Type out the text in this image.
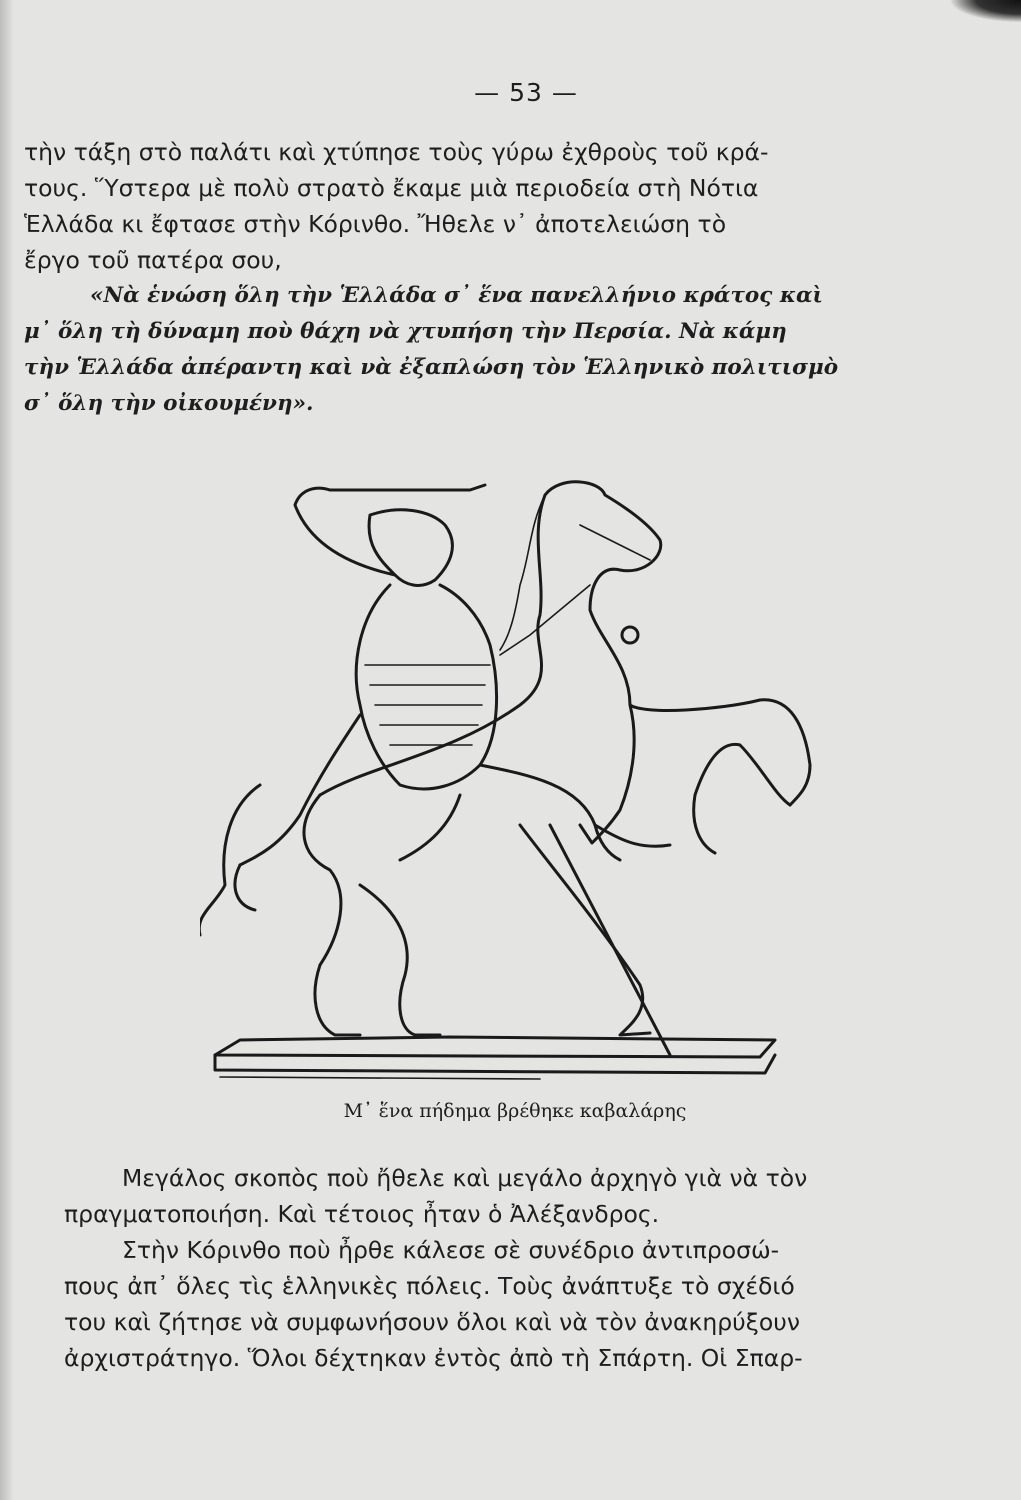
— 53 —
τὴν τάξη στὸ παλάτι καὶ χτύπησε τοὺς γύρω ἐχθροὺς τοῦ κρά-
τους. Ὕστερα μὲ πολὺ στρατὸ ἔκαμε μιὰ περιοδεία στὴ Νότια
Ἑλλάδα κι ἔφτασε στὴν Κόρινθο. Ἤθελε ν᾿ ἀποτελειώση τὸ
ἔργο τοῦ πατέρα σου,
«Νὰ ἑνώση ὅλη τὴν Ἑλλάδα σ᾿ ἕνα πανελλήνιο κράτος καὶ
μ᾿ ὅλη τὴ δύναμη ποὺ θάχη νὰ χτυπήση τὴν Περσία. Νὰ κάμη
τὴν Ἑλλάδα ἀπέραντη καὶ νὰ ἐξαπλώση τὸν Ἑλληνικὸ πολιτισμὸ
σ᾿ ὅλη τὴν οἰκουμένη».
Μ᾿ ἕνα πήδημα βρέθηκε καβαλάρης
Μεγάλος σκοπὸς ποὺ ἤθελε καὶ μεγάλο ἀρχηγὸ γιὰ νὰ τὸν
πραγματοποιήση. Καὶ τέτοιος ἦταν ὁ Ἀλέξανδρος.
Στὴν Κόρινθο ποὺ ἦρθε κάλεσε σὲ συνέδριο ἀντιπροσώ-
πους ἀπ᾿ ὅλες τὶς ἑλληνικὲς πόλεις. Τοὺς ἀνάπτυξε τὸ σχέδιό
του καὶ ζήτησε νὰ συμφωνήσουν ὅλοι καὶ νὰ τὸν ἀνακηρύξουν
ἀρχιστράτηγο. Ὅλοι δέχτηκαν ἐντὸς ἀπὸ τὴ Σπάρτη. Οἱ Σπαρ-
